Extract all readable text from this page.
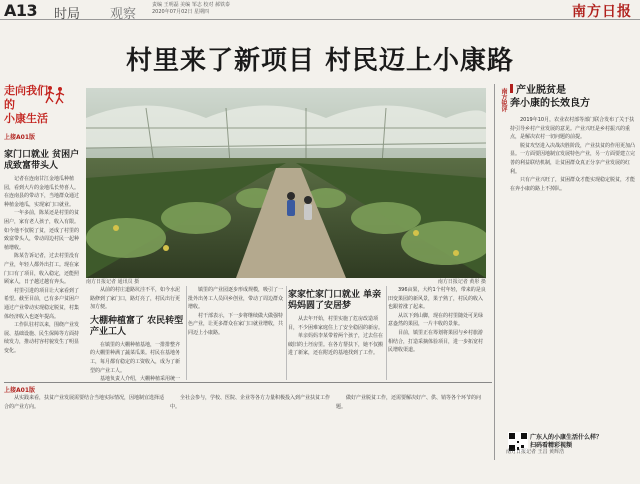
A13 时局 观察
责编 王明磊 美编 邹志 校对 郝铁泰
2020年07月02日 星期四	南方日报
村里来了新项目 村民迈上小康路
走向我们的
小康生活
上接A01版

家门口就业 贫困户成致富带头人

记者在连南甘江金地瓜种植园，看到大片的金地瓜长势喜人。在连南县的带动下，当地群众通过种植金地瓜，实现家门口就业。

一年多前，陈某还是村里的贫困户，家有老人孩子，收入有限。如今他不仅脱了贫，还成了村里的致富带头人，带动周边村民一起种植增收。

陈某告诉记者，过去村里没有产业，年轻人都外出打工。现在家门口有了项目，收入稳定，还能照顾家人，日子越过越有奔头。

村里引进的项目让大家看到了希望。截至目前，已有多户贫困户通过产业带动实现稳定脱贫，村集体经济收入也逐年提高。

工作队驻村以来，围绕产业发展、基础设施、民生保障等方面持续发力，推动村容村貌发生了明显变化。

南方日报记者 通讯员 摄	南方日报记者 黄彤 摄

从前的村庄道路坑洼不平，如今水泥路修到了家门口，路灯亮了，村民出行更加方便。

大棚种植富了 农民转型产业工人

在镇里的大棚种植基地，一排排整齐的大棚里种满了蔬菜瓜果。村民在基地务工，每月都有稳定的工资收入，成为了新型的产业工人。

基地负责人介绍，大棚种植采用统一

镇里的产业园逐步形成规模，吸引了一批外出务工人员回乡创业，带动了周边群众增收。

村干部表示，下一步将继续做大做强特色产业，让更多群众在家门口就业增收，共同迈上小康路。

家家忙家门口就业 单亲妈妈圆了安居梦

从去年开始，村里实施了危房改造项目，不少困难家庭住上了安全稳固的新房。

单亲妈妈李某带着两个孩子，过去住在破旧的土坯房里。在各方帮扶下，她不仅搬进了新家，还在附近的基地找到了工作。

396亩果，大约1个村年轻，带来的是良田变果园的新风景，果子熟了，村民的收入也跟着涨了起来。

从以下到山脚，现在的村里随处可见绿意盎然的果园，一片丰收的景象。

目前，镇里正在筹划将果园与乡村旅游相结合，打造采摘体验项目，进一步拓宽村民增收渠道。

南方锐评 产业脱贫是
奔小康的长效良方

2019年10月，农业农村部等部门联合发布了关于扶持引导乡村产业发展的意见。产业兴旺是乡村振兴的重点，是解决农村一切问题的前提。

脱贫攻坚进入决战决胜阶段，产业扶贫的作用更加凸显。一方面要因地制宜发展特色产业，另一方面要建立完善的利益联结机制，让贫困群众真正分享产业发展的红利。

只有产业兴旺了，贫困群众才能实现稳定脱贫，才能在奔小康的路上不掉队。

广东人的小康生活什么样？
扫码看精彩视频
南方日报记者 王昌 黄辉浩
上接A01版

从实践来看，扶贫产业发展需要结合当地实际情况，因地制宜选择适合的产业方向。

全社会参与，学校、医院、企业等各方力量积极投入到产业扶贫工作中。

做好产业脱贫工作，还需要解决好产、供、销等各个环节的问题。
